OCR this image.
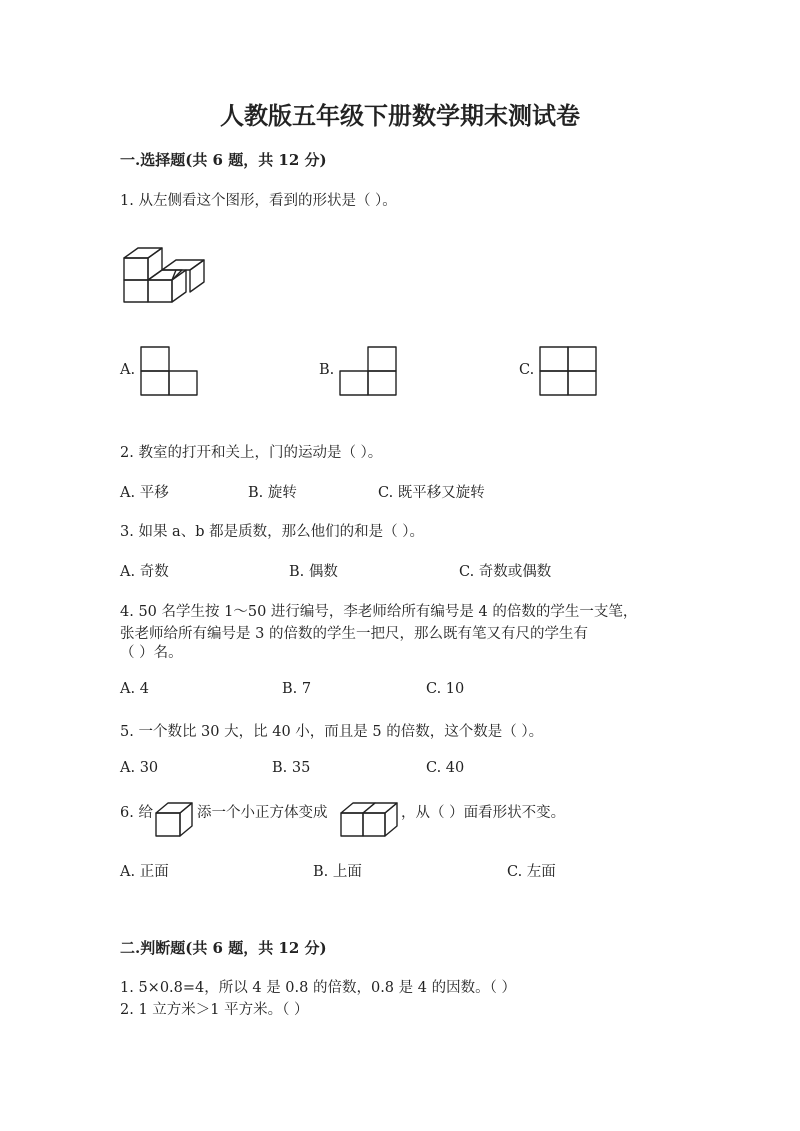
人教版五年级下册数学期末测试卷
一.选择题(共 6 题，共 12 分)
1. 从左侧看这个图形，看到的形状是（ ）。
A.	B.	C.
2. 教室的打开和关上，门的运动是（ ）。
A. 平移	B. 旋转	C. 既平移又旋转
3. 如果 a、b 都是质数，那么他们的和是（ ）。
A. 奇数	B. 偶数	C. 奇数或偶数
4. 50 名学生按 1～50 进行编号，李老师给所有编号是 4 的倍数的学生一支笔，
张老师给所有编号是 3 的倍数的学生一把尺，那么既有笔又有尺的学生有
（ ）名。
A. 4	B. 7	C. 10
5. 一个数比 30 大，比 40 小，而且是 5 的倍数，这个数是（ ）。
A. 30	B. 35	C. 40
6. 给	添一个小正方体变成	，从（ ）面看形状不变。
A. 正面	B. 上面	C. 左面
二.判断题(共 6 题，共 12 分)
1. 5×0.8=4，所以 4 是 0.8 的倍数，0.8 是 4 的因数。（ ）
2. 1 立方米＞1 平方米。（ ）
